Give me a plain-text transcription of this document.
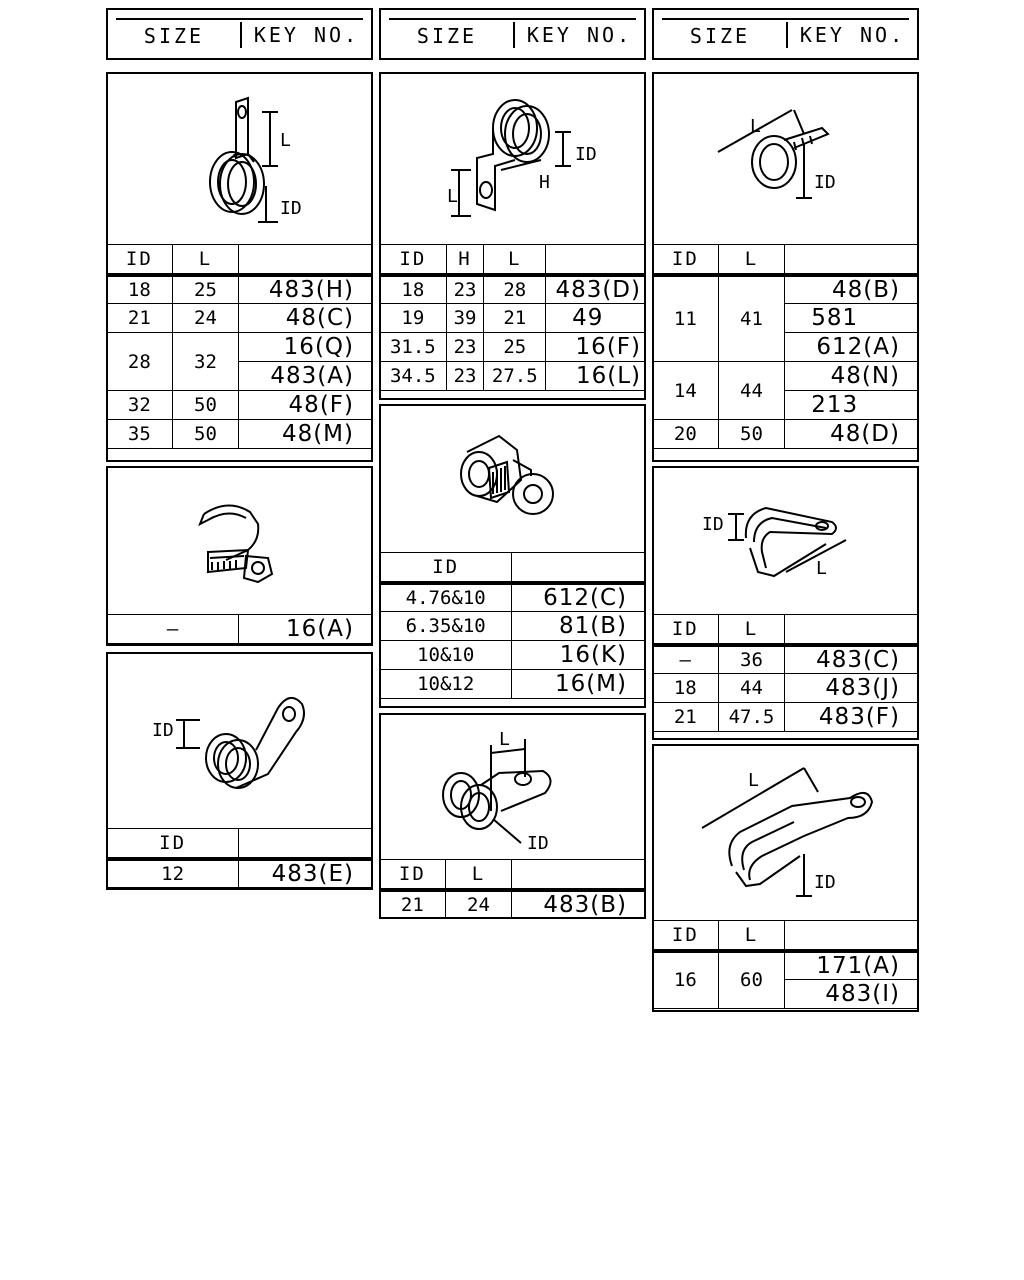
SIZE	KEY NO.	SIZE	KEY NO.	SIZE	KEY NO.
L
ID
ID	L	
18	25	483(H)
21	24	48(C)
28	32	16(Q)
		483(A)
32	50	48(F)
35	50	48(M)
—	16(A)
ID
ID	
12	483(E)
L
H
ID
ID	H	L	
18	23	28	483(D)
19	39	21	49
31.5	23	25	16(F)
34.5	23	27.5	16(L)
ID	
4.76&10	612(C)
6.35&10	81(B)
10&10	16(K)
10&12	16(M)
L
ID
ID	L	
21	24	483(B)
L
ID
ID	L	
11	41	48(B)
		581
		612(A)
14	44	48(N)
		213
20	50	48(D)
ID
L
ID	L	
—	36	483(C)
18	44	483(J)
21	47.5	483(F)
L
ID
ID	L	
16	60	171(A)
		483(I)
